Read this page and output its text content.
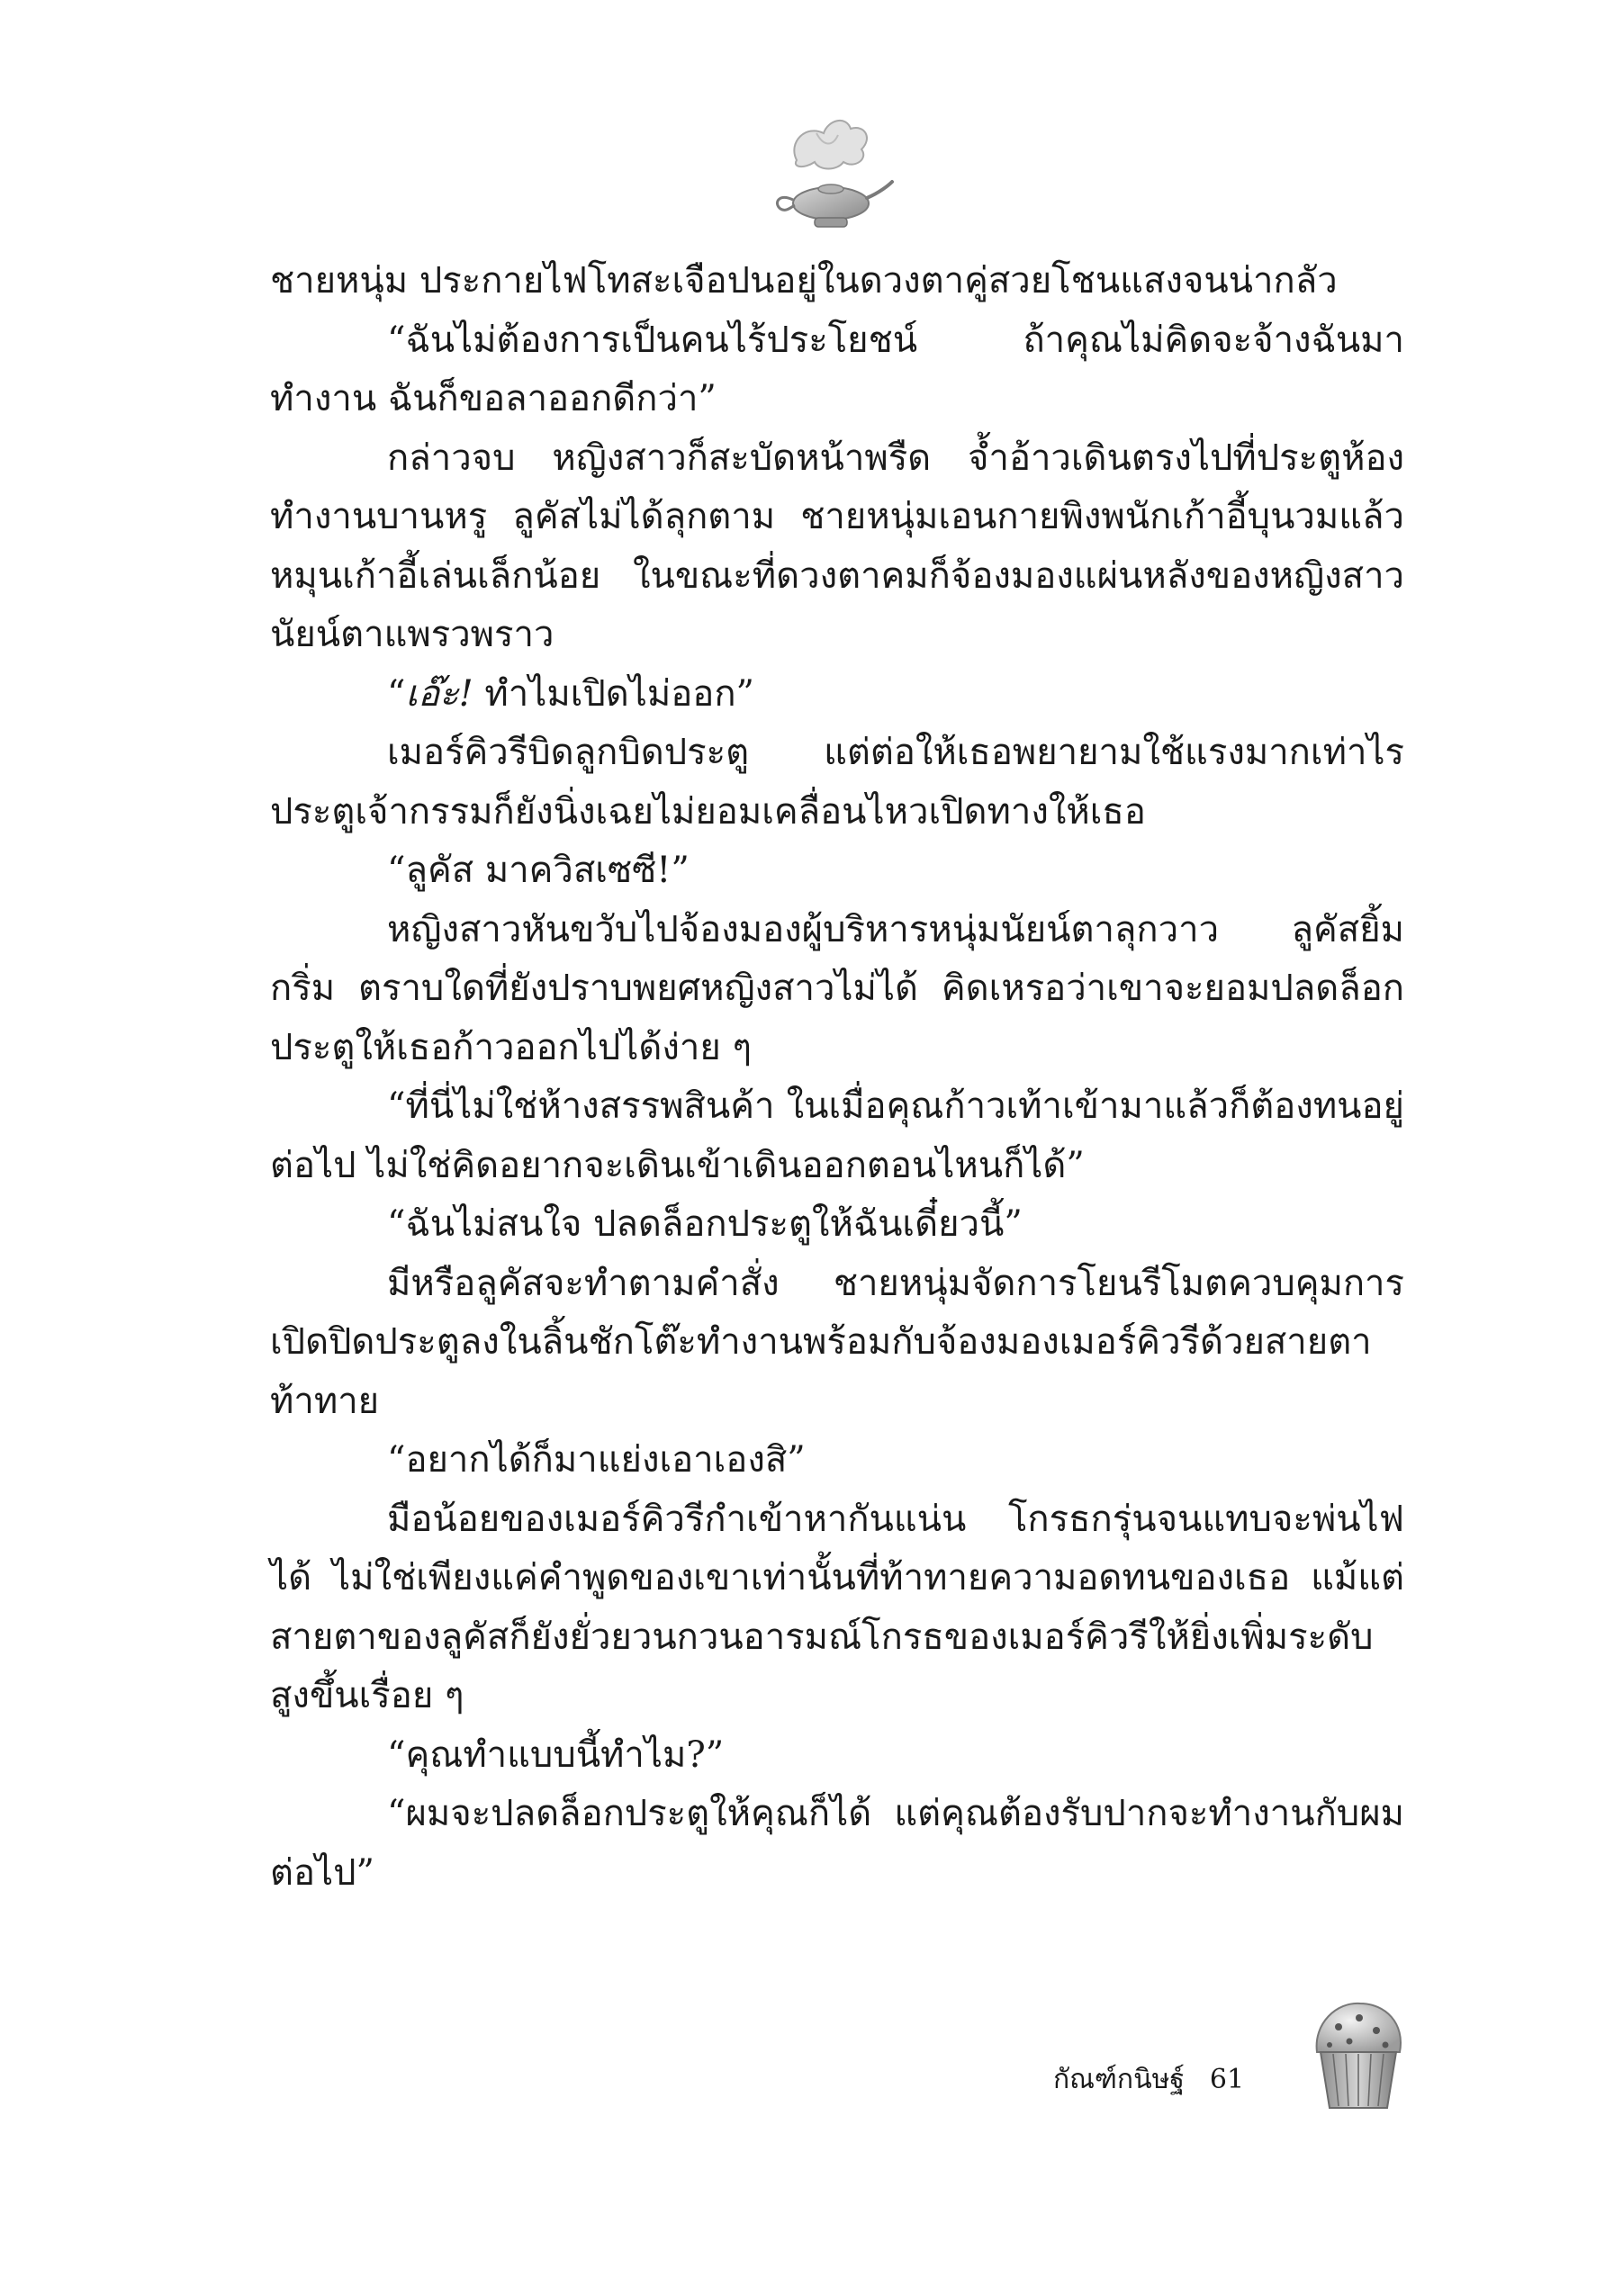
ชายหนุ่ม ประกายไฟโทสะเจือปนอยู่ในดวงตาคู่สวยโชนแสงจนน่ากลัว

“ฉันไม่ต้องการเป็นคนไร้ประโยชน์ ถ้าคุณไม่คิดจะจ้างฉันมาทำงาน ฉันก็ขอลาออกดีกว่า”

กล่าวจบ หญิงสาวก็สะบัดหน้าพรืด จ้ำอ้าวเดินตรงไปที่ประตูห้องทำงานบานหรู ลูคัสไม่ได้ลุกตาม ชายหนุ่มเอนกายพิงพนักเก้าอี้บุนวมแล้วหมุนเก้าอี้เล่นเล็กน้อย ในขณะที่ดวงตาคมก็จ้องมองแผ่นหลังของหญิงสาวนัยน์ตาแพรวพราว

“เอ๊ะ! ทำไมเปิดไม่ออก”

เมอร์คิวรีบิดลูกบิดประตู แต่ต่อให้เธอพยายามใช้แรงมากเท่าไร ประตูเจ้ากรรมก็ยังนิ่งเฉยไม่ยอมเคลื่อนไหวเปิดทางให้เธอ

“ลูคัส มาควิสเซซี!”

หญิงสาวหันขวับไปจ้องมองผู้บริหารหนุ่มนัยน์ตาลุกวาว ลูคัสยิ้มกริ่ม ตราบใดที่ยังปราบพยศหญิงสาวไม่ได้ คิดเหรอว่าเขาจะยอมปลดล็อกประตูให้เธอก้าวออกไปได้ง่าย ๆ

“ที่นี่ไม่ใช่ห้างสรรพสินค้า ในเมื่อคุณก้าวเท้าเข้ามาแล้วก็ต้องทนอยู่ต่อไป ไม่ใช่คิดอยากจะเดินเข้าเดินออกตอนไหนก็ได้”

“ฉันไม่สนใจ ปลดล็อกประตูให้ฉันเดี๋ยวนี้”

มีหรือลูคัสจะทำตามคำสั่ง ชายหนุ่มจัดการโยนรีโมตควบคุมการเปิดปิดประตูลงในลิ้นชักโต๊ะทำงานพร้อมกับจ้องมองเมอร์คิวรีด้วยสายตาท้าทาย

“อยากได้ก็มาแย่งเอาเองสิ”

มือน้อยของเมอร์คิวรีกำเข้าหากันแน่น โกรธกรุ่นจนแทบจะพ่นไฟได้ ไม่ใช่เพียงแค่คำพูดของเขาเท่านั้นที่ท้าทายความอดทนของเธอ แม้แต่สายตาของลูคัสก็ยังยั่วยวนกวนอารมณ์โกรธของเมอร์คิวรีให้ยิ่งเพิ่มระดับสูงขึ้นเรื่อย ๆ

“คุณทำแบบนี้ทำไม?”

“ผมจะปลดล็อกประตูให้คุณก็ได้ แต่คุณต้องรับปากจะทำงานกับผมต่อไป”

กัณฑ์กนิษฐ์ 61
